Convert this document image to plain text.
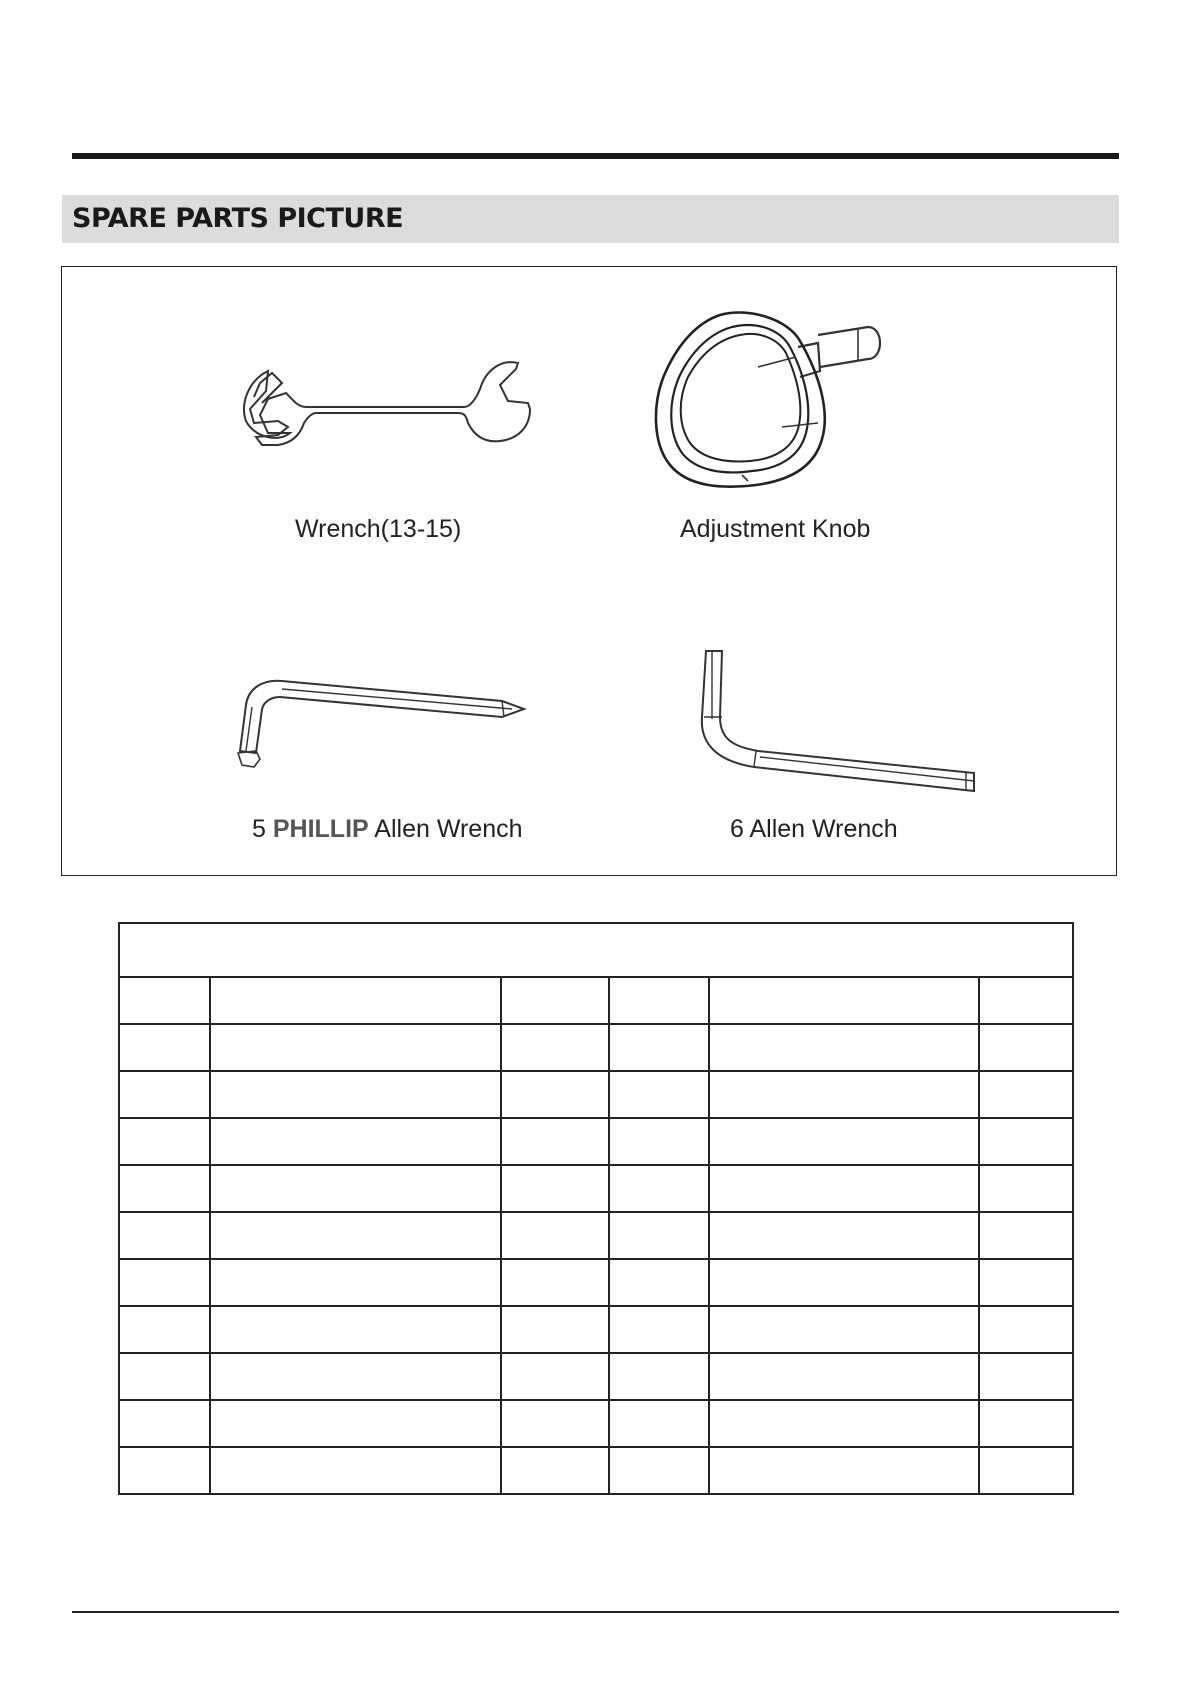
SPARE PARTS PICTURE

Wrench(13-15)	Adjustment Knob

5 PHILLIP Allen Wrench	6 Allen Wrench
